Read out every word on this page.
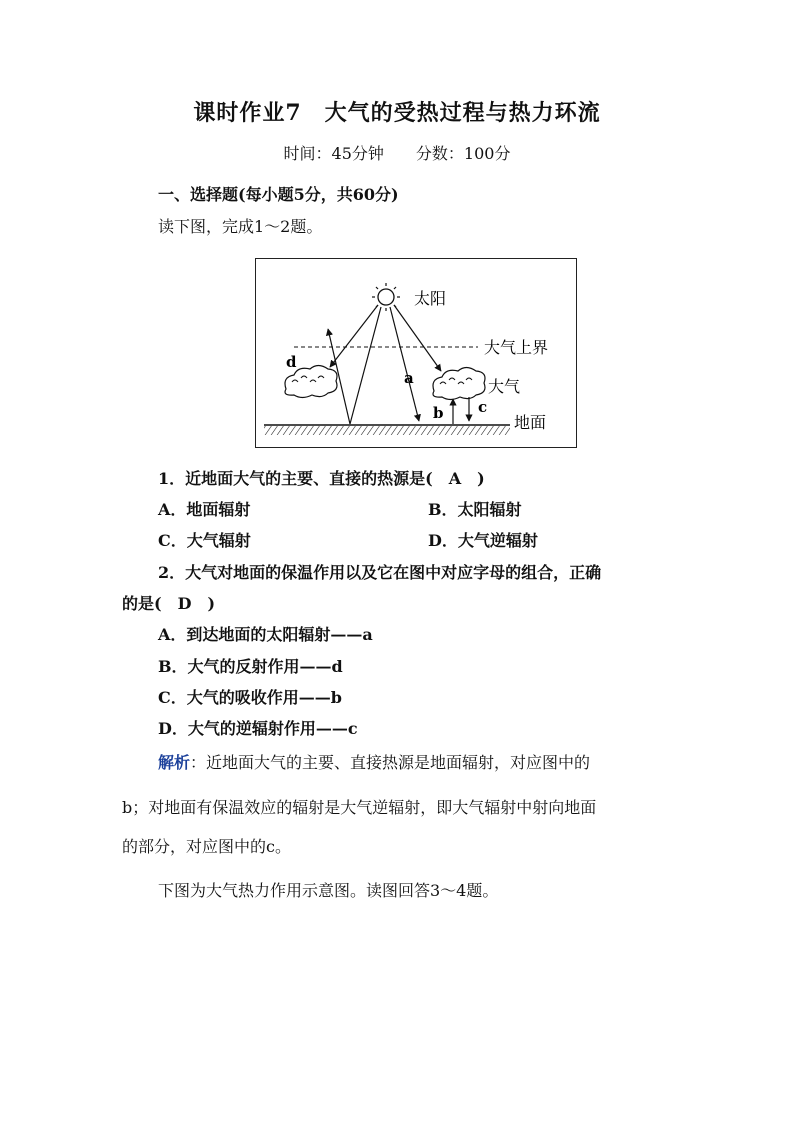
课时作业7　大气的受热过程与热力环流
时间：45分钟　　分数：100分
一、选择题(每小题5分，共60分)
读下图，完成1～2题。
太阳
大气上界
大气
地面
d
a
b c
1．近地面大气的主要、直接的热源是(　A　)
A．地面辐射	B．太阳辐射
C．大气辐射	D．大气逆辐射
2．大气对地面的保温作用以及它在图中对应字母的组合，正确
的是(　D　)
A．到达地面的太阳辐射——a
B．大气的反射作用——d
C．大气的吸收作用——b
D．大气的逆辐射作用——c
解析：近地面大气的主要、直接热源是地面辐射，对应图中的
b；对地面有保温效应的辐射是大气逆辐射，即大气辐射中射向地面
的部分，对应图中的c。
下图为大气热力作用示意图。读图回答3～4题。
